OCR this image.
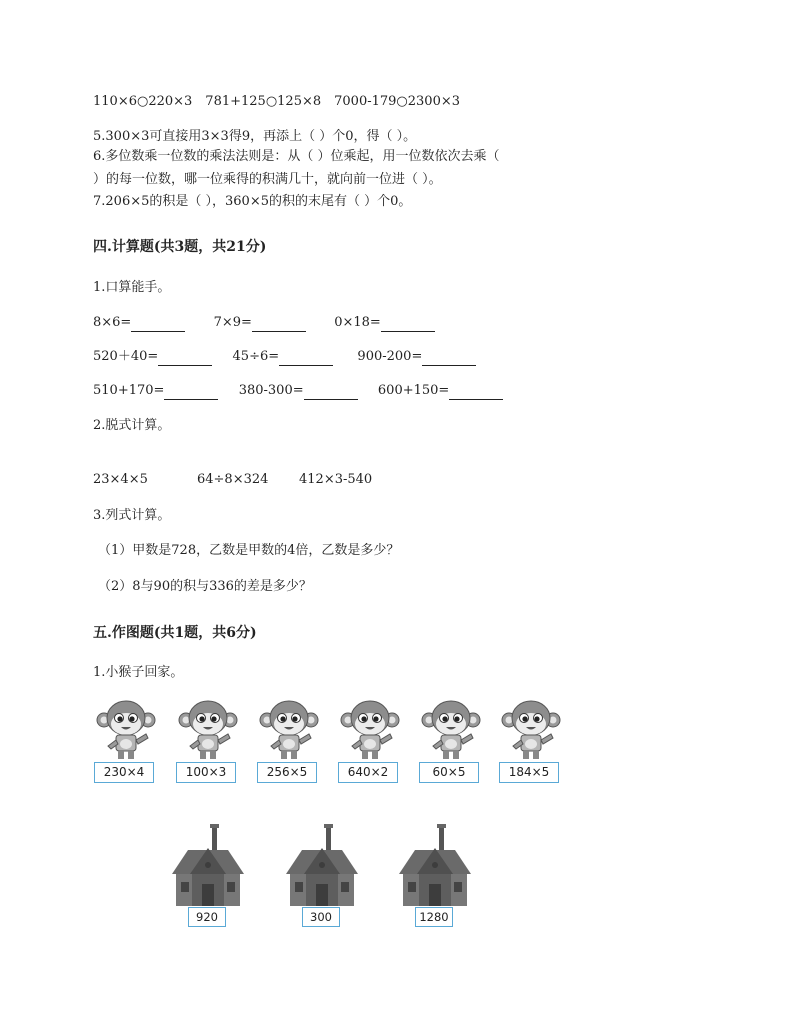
110×6○220×3　781+125○125×8　7000-179○2300×3
5.300×3可直接用3×3得9，再添上（ ）个0，得（ ）。
6.多位数乘一位数的乘法法则是：从（ ）位乘起，用一位数依次去乘（
）的每一位数，哪一位乘得的积满几十，就向前一位进（ ）。
7.206×5的积是（ ），360×5的积的末尾有（ ）个0。
四.计算题(共3题，共21分)
1.口算能手。
8×6=	7×9=	0×18=
520＋40=	45÷6=	900-200=
510+170=	380-300=	600+150=
2.脱式计算。
23×4×5	64÷8×324 412×3-540
3.列式计算。
（1）甲数是728，乙数是甲数的4倍，乙数是多少？
（2）8与90的积与336的差是多少？
五.作图题(共1题，共6分)
1.小猴子回家。
230×4	100×3	256×5	640×2	60×5	184×5
920	300	1280
